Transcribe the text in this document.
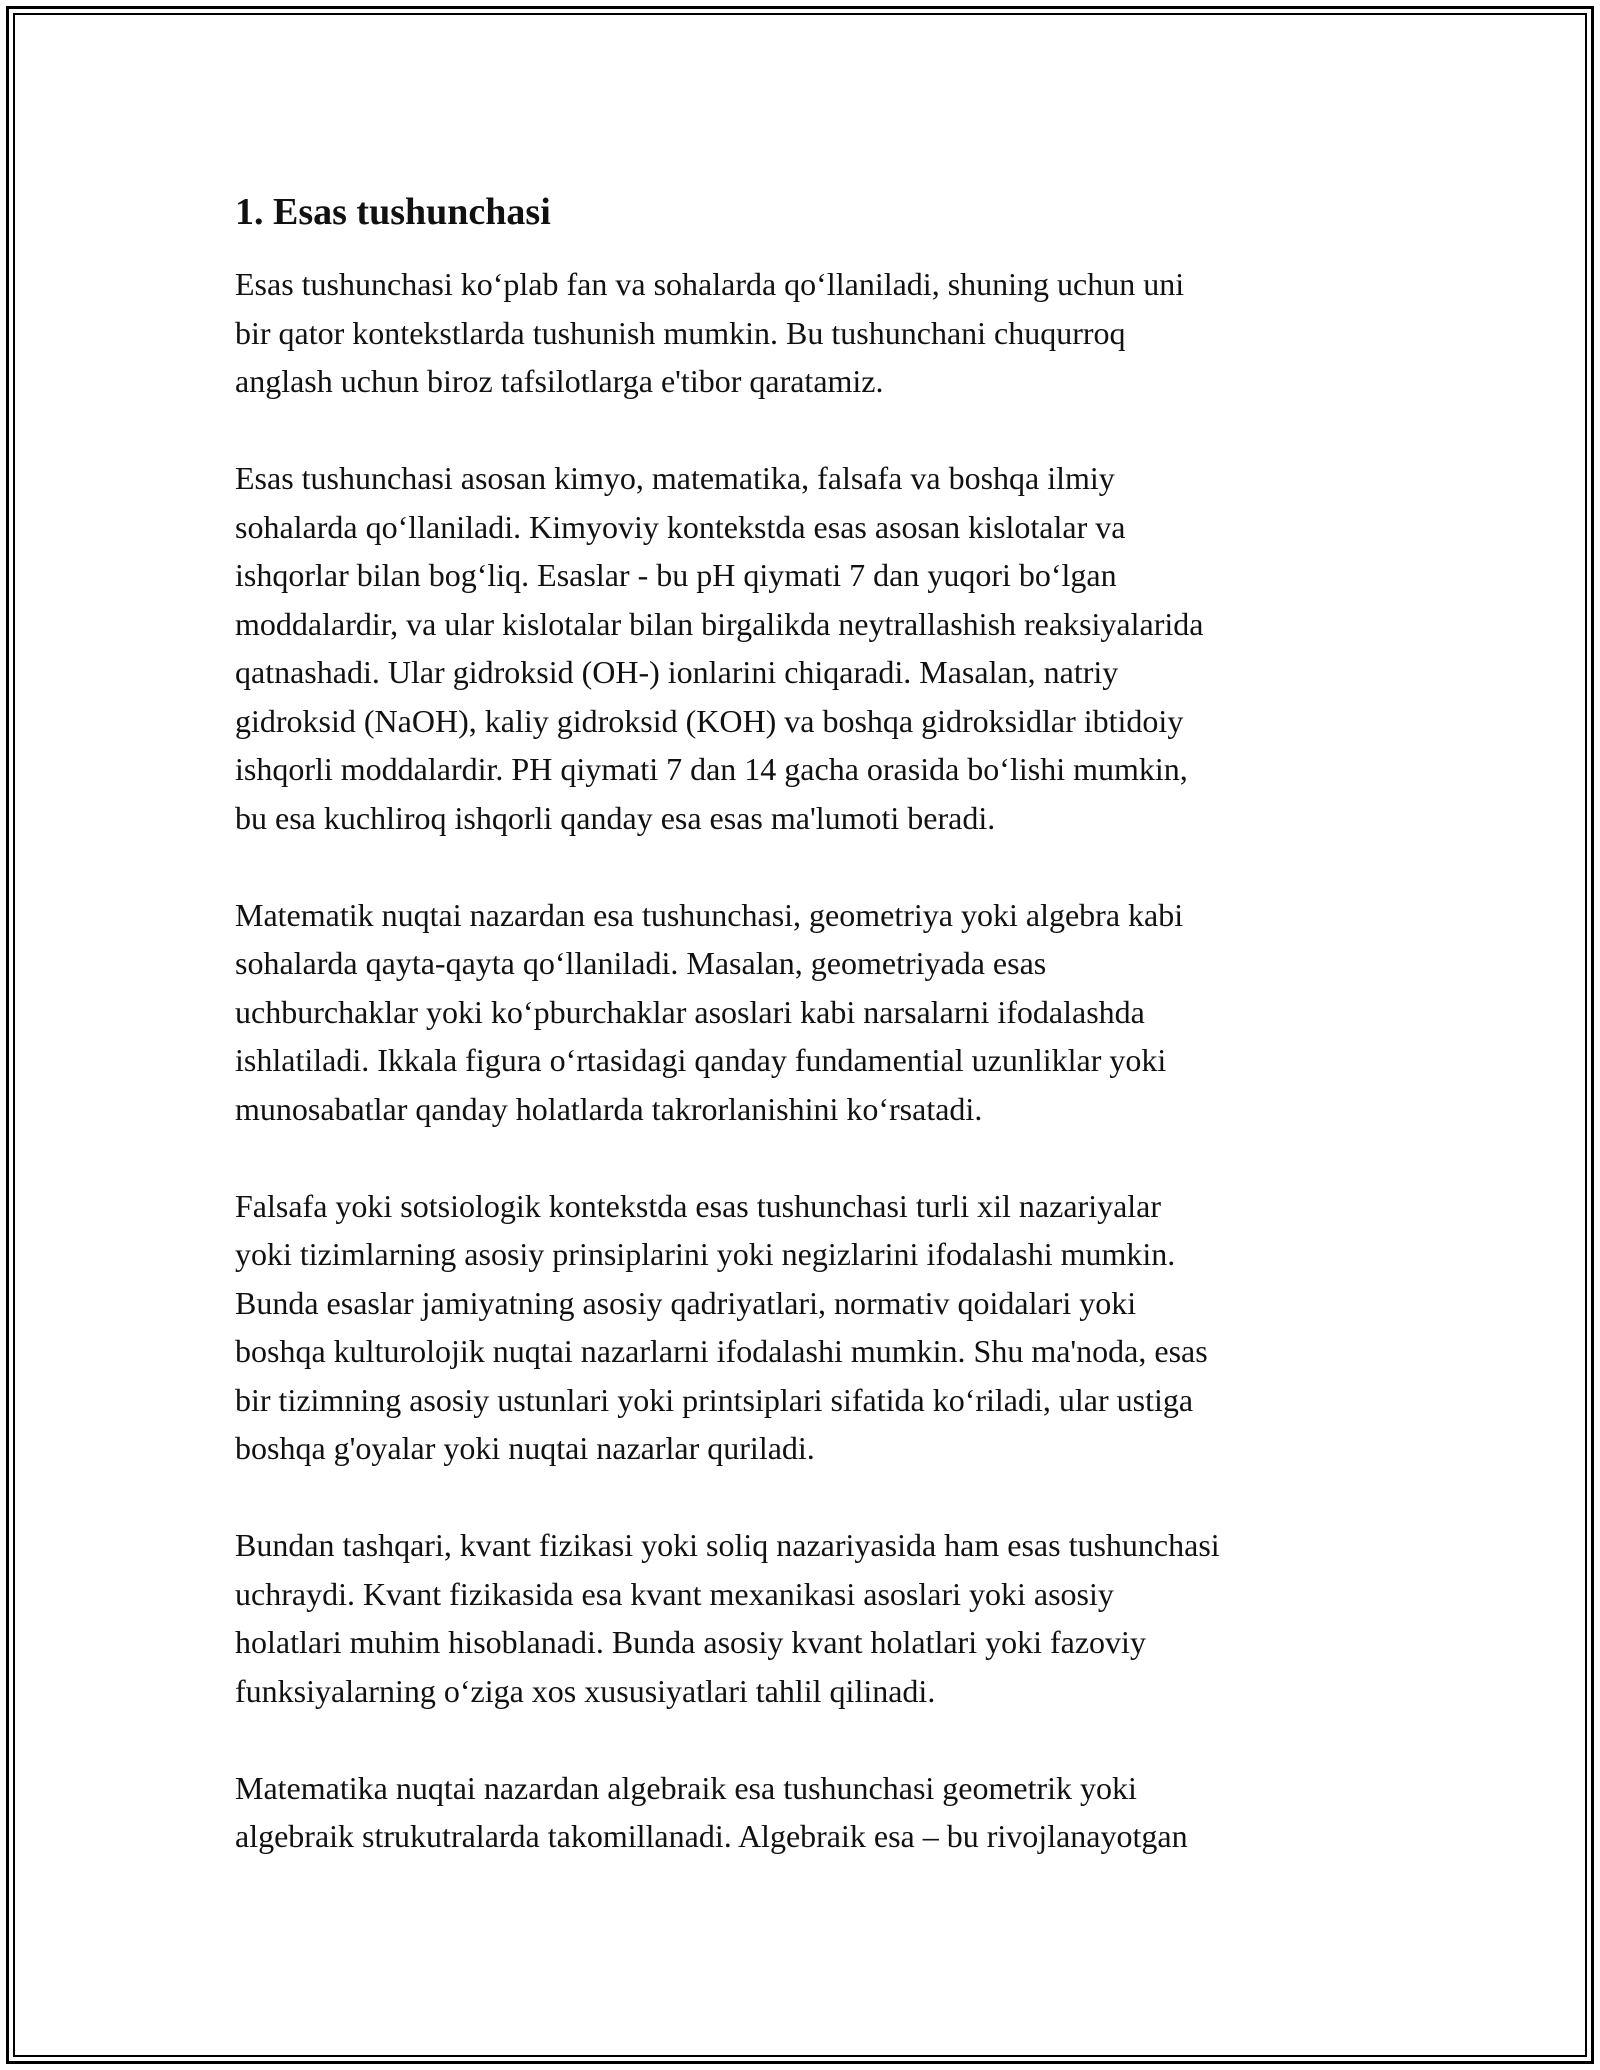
1. Esas tushunchasi
Esas tushunchasi ko‘plab fan va sohalarda qo‘llaniladi, shuning uchun uni
bir qator kontekstlarda tushunish mumkin. Bu tushunchani chuqurroq
anglash uchun biroz tafsilotlarga e'tibor qaratamiz.
Esas tushunchasi asosan kimyo, matematika, falsafa va boshqa ilmiy
sohalarda qo‘llaniladi. Kimyoviy kontekstda esas asosan kislotalar va
ishqorlar bilan bog‘liq. Esaslar - bu pH qiymati 7 dan yuqori bo‘lgan
moddalardir, va ular kislotalar bilan birgalikda neytrallashish reaksiyalarida
qatnashadi. Ular gidroksid (OH-) ionlarini chiqaradi. Masalan, natriy
gidroksid (NaOH), kaliy gidroksid (KOH) va boshqa gidroksidlar ibtidoiy
ishqorli moddalardir. PH qiymati 7 dan 14 gacha orasida bo‘lishi mumkin,
bu esa kuchliroq ishqorli qanday esa esas ma'lumoti beradi.
Matematik nuqtai nazardan esa tushunchasi, geometriya yoki algebra kabi
sohalarda qayta-qayta qo‘llaniladi. Masalan, geometriyada esas
uchburchaklar yoki ko‘pburchaklar asoslari kabi narsalarni ifodalashda
ishlatiladi. Ikkala figura o‘rtasidagi qanday fundamential uzunliklar yoki
munosabatlar qanday holatlarda takrorlanishini ko‘rsatadi.
Falsafa yoki sotsiologik kontekstda esas tushunchasi turli xil nazariyalar
yoki tizimlarning asosiy prinsiplarini yoki negizlarini ifodalashi mumkin.
Bunda esaslar jamiyatning asosiy qadriyatlari, normativ qoidalari yoki
boshqa kulturolojik nuqtai nazarlarni ifodalashi mumkin. Shu ma'noda, esas
bir tizimning asosiy ustunlari yoki printsiplari sifatida ko‘riladi, ular ustiga
boshqa g'oyalar yoki nuqtai nazarlar quriladi.
Bundan tashqari, kvant fizikasi yoki soliq nazariyasida ham esas tushunchasi
uchraydi. Kvant fizikasida esa kvant mexanikasi asoslari yoki asosiy
holatlari muhim hisoblanadi. Bunda asosiy kvant holatlari yoki fazoviy
funksiyalarning o‘ziga xos xususiyatlari tahlil qilinadi.
Matematika nuqtai nazardan algebraik esa tushunchasi geometrik yoki
algebraik strukutralarda takomillanadi. Algebraik esa – bu rivojlanayotgan
